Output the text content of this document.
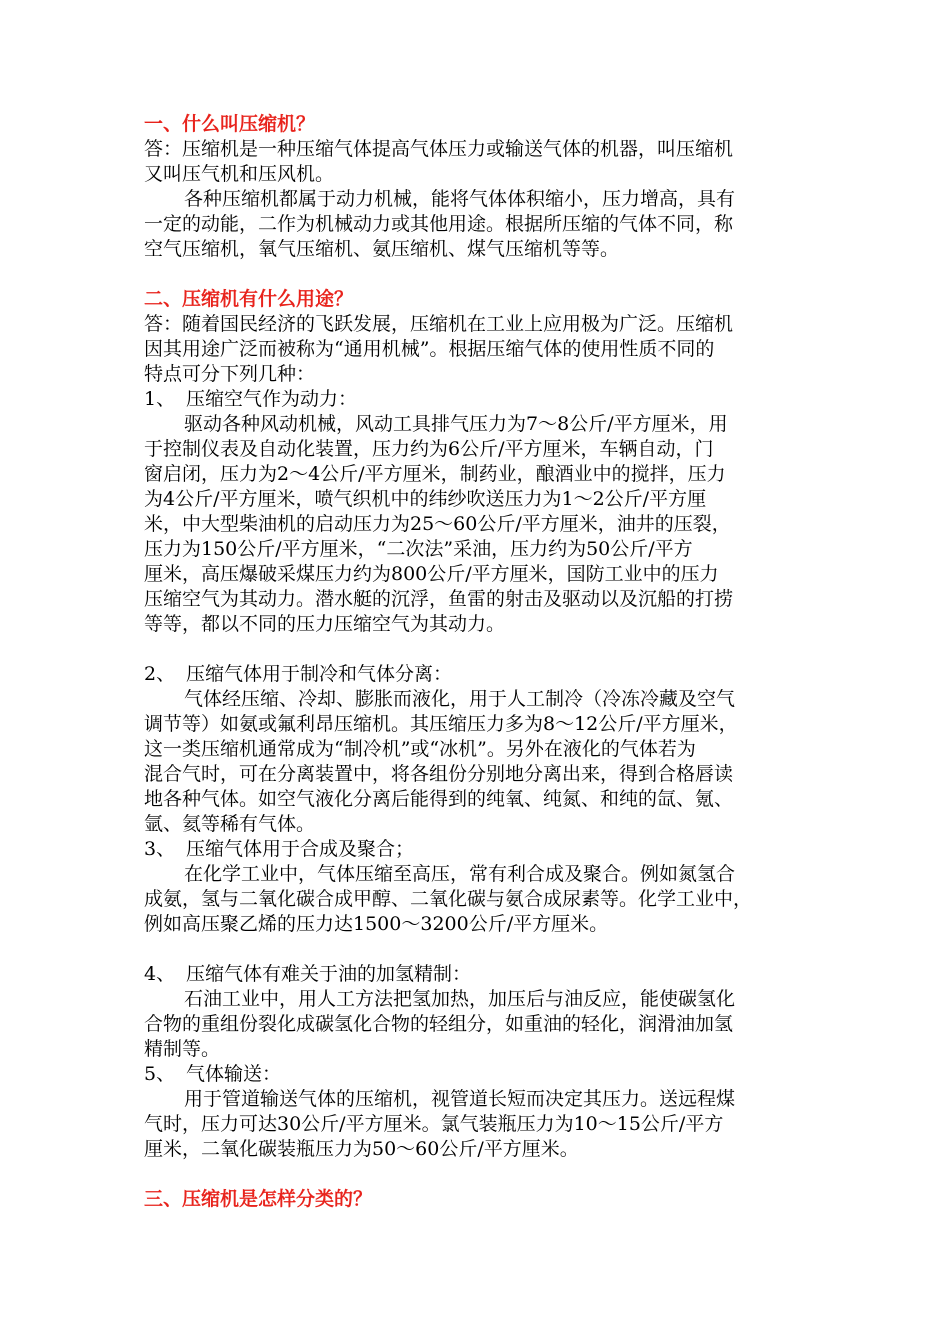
一、什么叫压缩机？
答：压缩机是一种压缩气体提高气体压力或输送气体的机器，叫压缩机
又叫压气机和压风机。
各种压缩机都属于动力机械，能将气体体积缩小，压力增高，具有
一定的动能，二作为机械动力或其他用途。根据所压缩的气体不同，称
空气压缩机，氧气压缩机、氨压缩机、煤气压缩机等等。
二、压缩机有什么用途？
答：随着国民经济的飞跃发展，压缩机在工业上应用极为广泛。压缩机
因其用途广泛而被称为“通用机械”。根据压缩气体的使用性质不同的
特点可分下列几种：
1、 压缩空气作为动力：
驱动各种风动机械，风动工具排气压力为7～8公斤/平方厘米，用
于控制仪表及自动化装置，压力约为6公斤/平方厘米，车辆自动，门
窗启闭，压力为2～4公斤/平方厘米，制药业，酿酒业中的搅拌，压力
为4公斤/平方厘米，喷气织机中的纬纱吹送压力为1～2公斤/平方厘
米，中大型柴油机的启动压力为25～60公斤/平方厘米，油井的压裂，
压力为150公斤/平方厘米，“二次法”采油，压力约为50公斤/平方
厘米，高压爆破采煤压力约为800公斤/平方厘米，国防工业中的压力
压缩空气为其动力。潜水艇的沉浮，鱼雷的射击及驱动以及沉船的打捞
等等，都以不同的压力压缩空气为其动力。
2、 压缩气体用于制冷和气体分离：
气体经压缩、冷却、膨胀而液化，用于人工制冷（冷冻冷藏及空气
调节等）如氨或氟利昂压缩机。其压缩压力多为8～12公斤/平方厘米，
这一类压缩机通常成为“制冷机”或“冰机”。另外在液化的气体若为
混合气时，可在分离装置中，将各组份分别地分离出来，得到合格唇读
地各种气体。如空气液化分离后能得到的纯氧、纯氮、和纯的氙、氪、
氩、氦等稀有气体。
3、 压缩气体用于合成及聚合；
在化学工业中，气体压缩至高压，常有利合成及聚合。例如氮氢合
成氨，氢与二氧化碳合成甲醇、二氧化碳与氨合成尿素等。化学工业中，
例如高压聚乙烯的压力达1500～3200公斤/平方厘米。
4、 压缩气体有难关于油的加氢精制：
石油工业中，用人工方法把氢加热，加压后与油反应，能使碳氢化
合物的重组份裂化成碳氢化合物的轻组分，如重油的轻化，润滑油加氢
精制等。
5、 气体输送：
用于管道输送气体的压缩机，视管道长短而决定其压力。送远程煤
气时，压力可达30公斤/平方厘米。氯气装瓶压力为10～15公斤/平方
厘米，二氧化碳装瓶压力为50～60公斤/平方厘米。
三、压缩机是怎样分类的？
